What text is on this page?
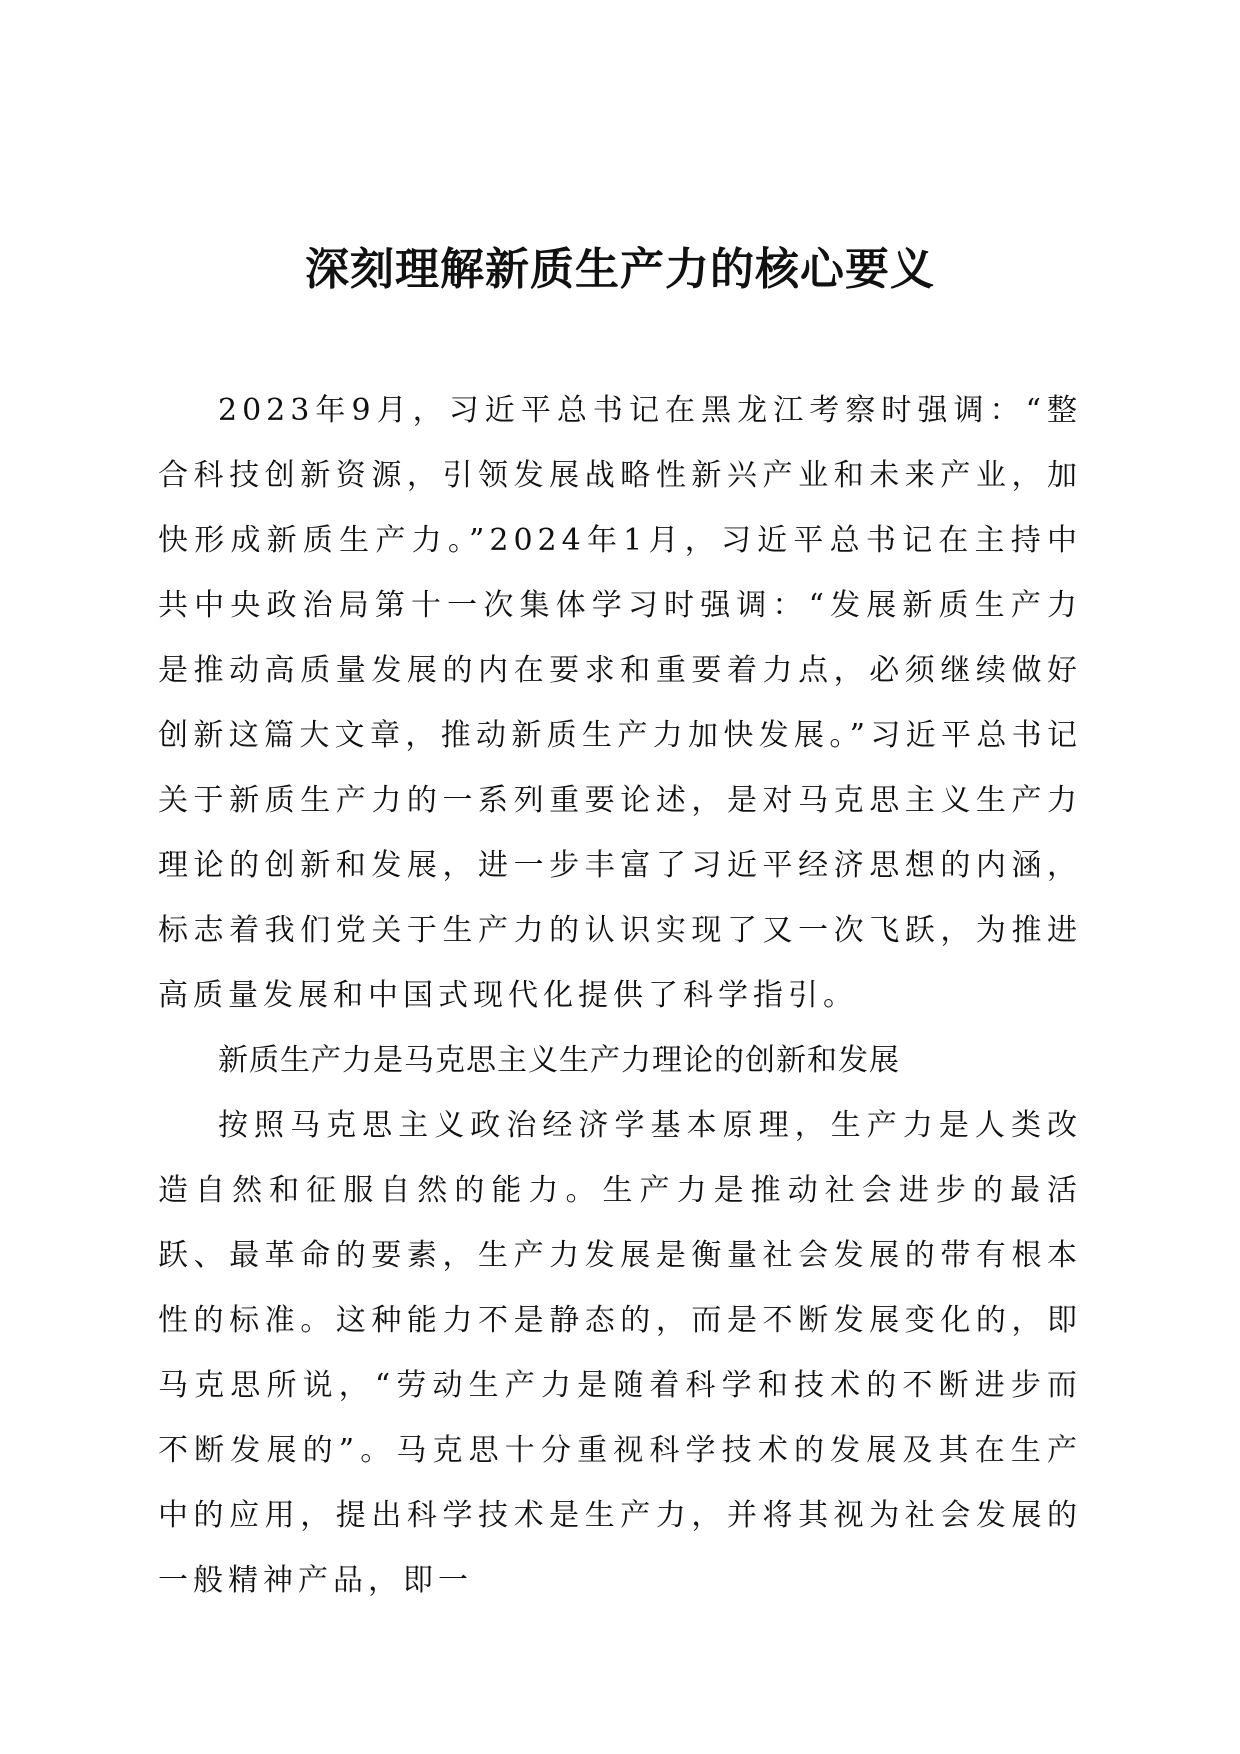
深刻理解新质生产力的核心要义

2023年9月，习近平总书记在黑龙江考察时强调：“整合科技创新资源，引领发展战略性新兴产业和未来产业，加快形成新质生产力。”2024年1月，习近平总书记在主持中共中央政治局第十一次集体学习时强调：“发展新质生产力是推动高质量发展的内在要求和重要着力点，必须继续做好创新这篇大文章，推动新质生产力加快发展。”习近平总书记关于新质生产力的一系列重要论述，是对马克思主义生产力理论的创新和发展，进一步丰富了习近平经济思想的内涵，标志着我们党关于生产力的认识实现了又一次飞跃，为推进高质量发展和中国式现代化提供了科学指引。

新质生产力是马克思主义生产力理论的创新和发展

按照马克思主义政治经济学基本原理，生产力是人类改造自然和征服自然的能力。生产力是推动社会进步的最活跃、最革命的要素，生产力发展是衡量社会发展的带有根本性的标准。这种能力不是静态的，而是不断发展变化的，即马克思所说，“劳动生产力是随着科学和技术的不断进步而不断发展的”。马克思十分重视科学技术的发展及其在生产中的应用，提出科学技术是生产力，并将其视为社会发展的一般精神产品，即一
